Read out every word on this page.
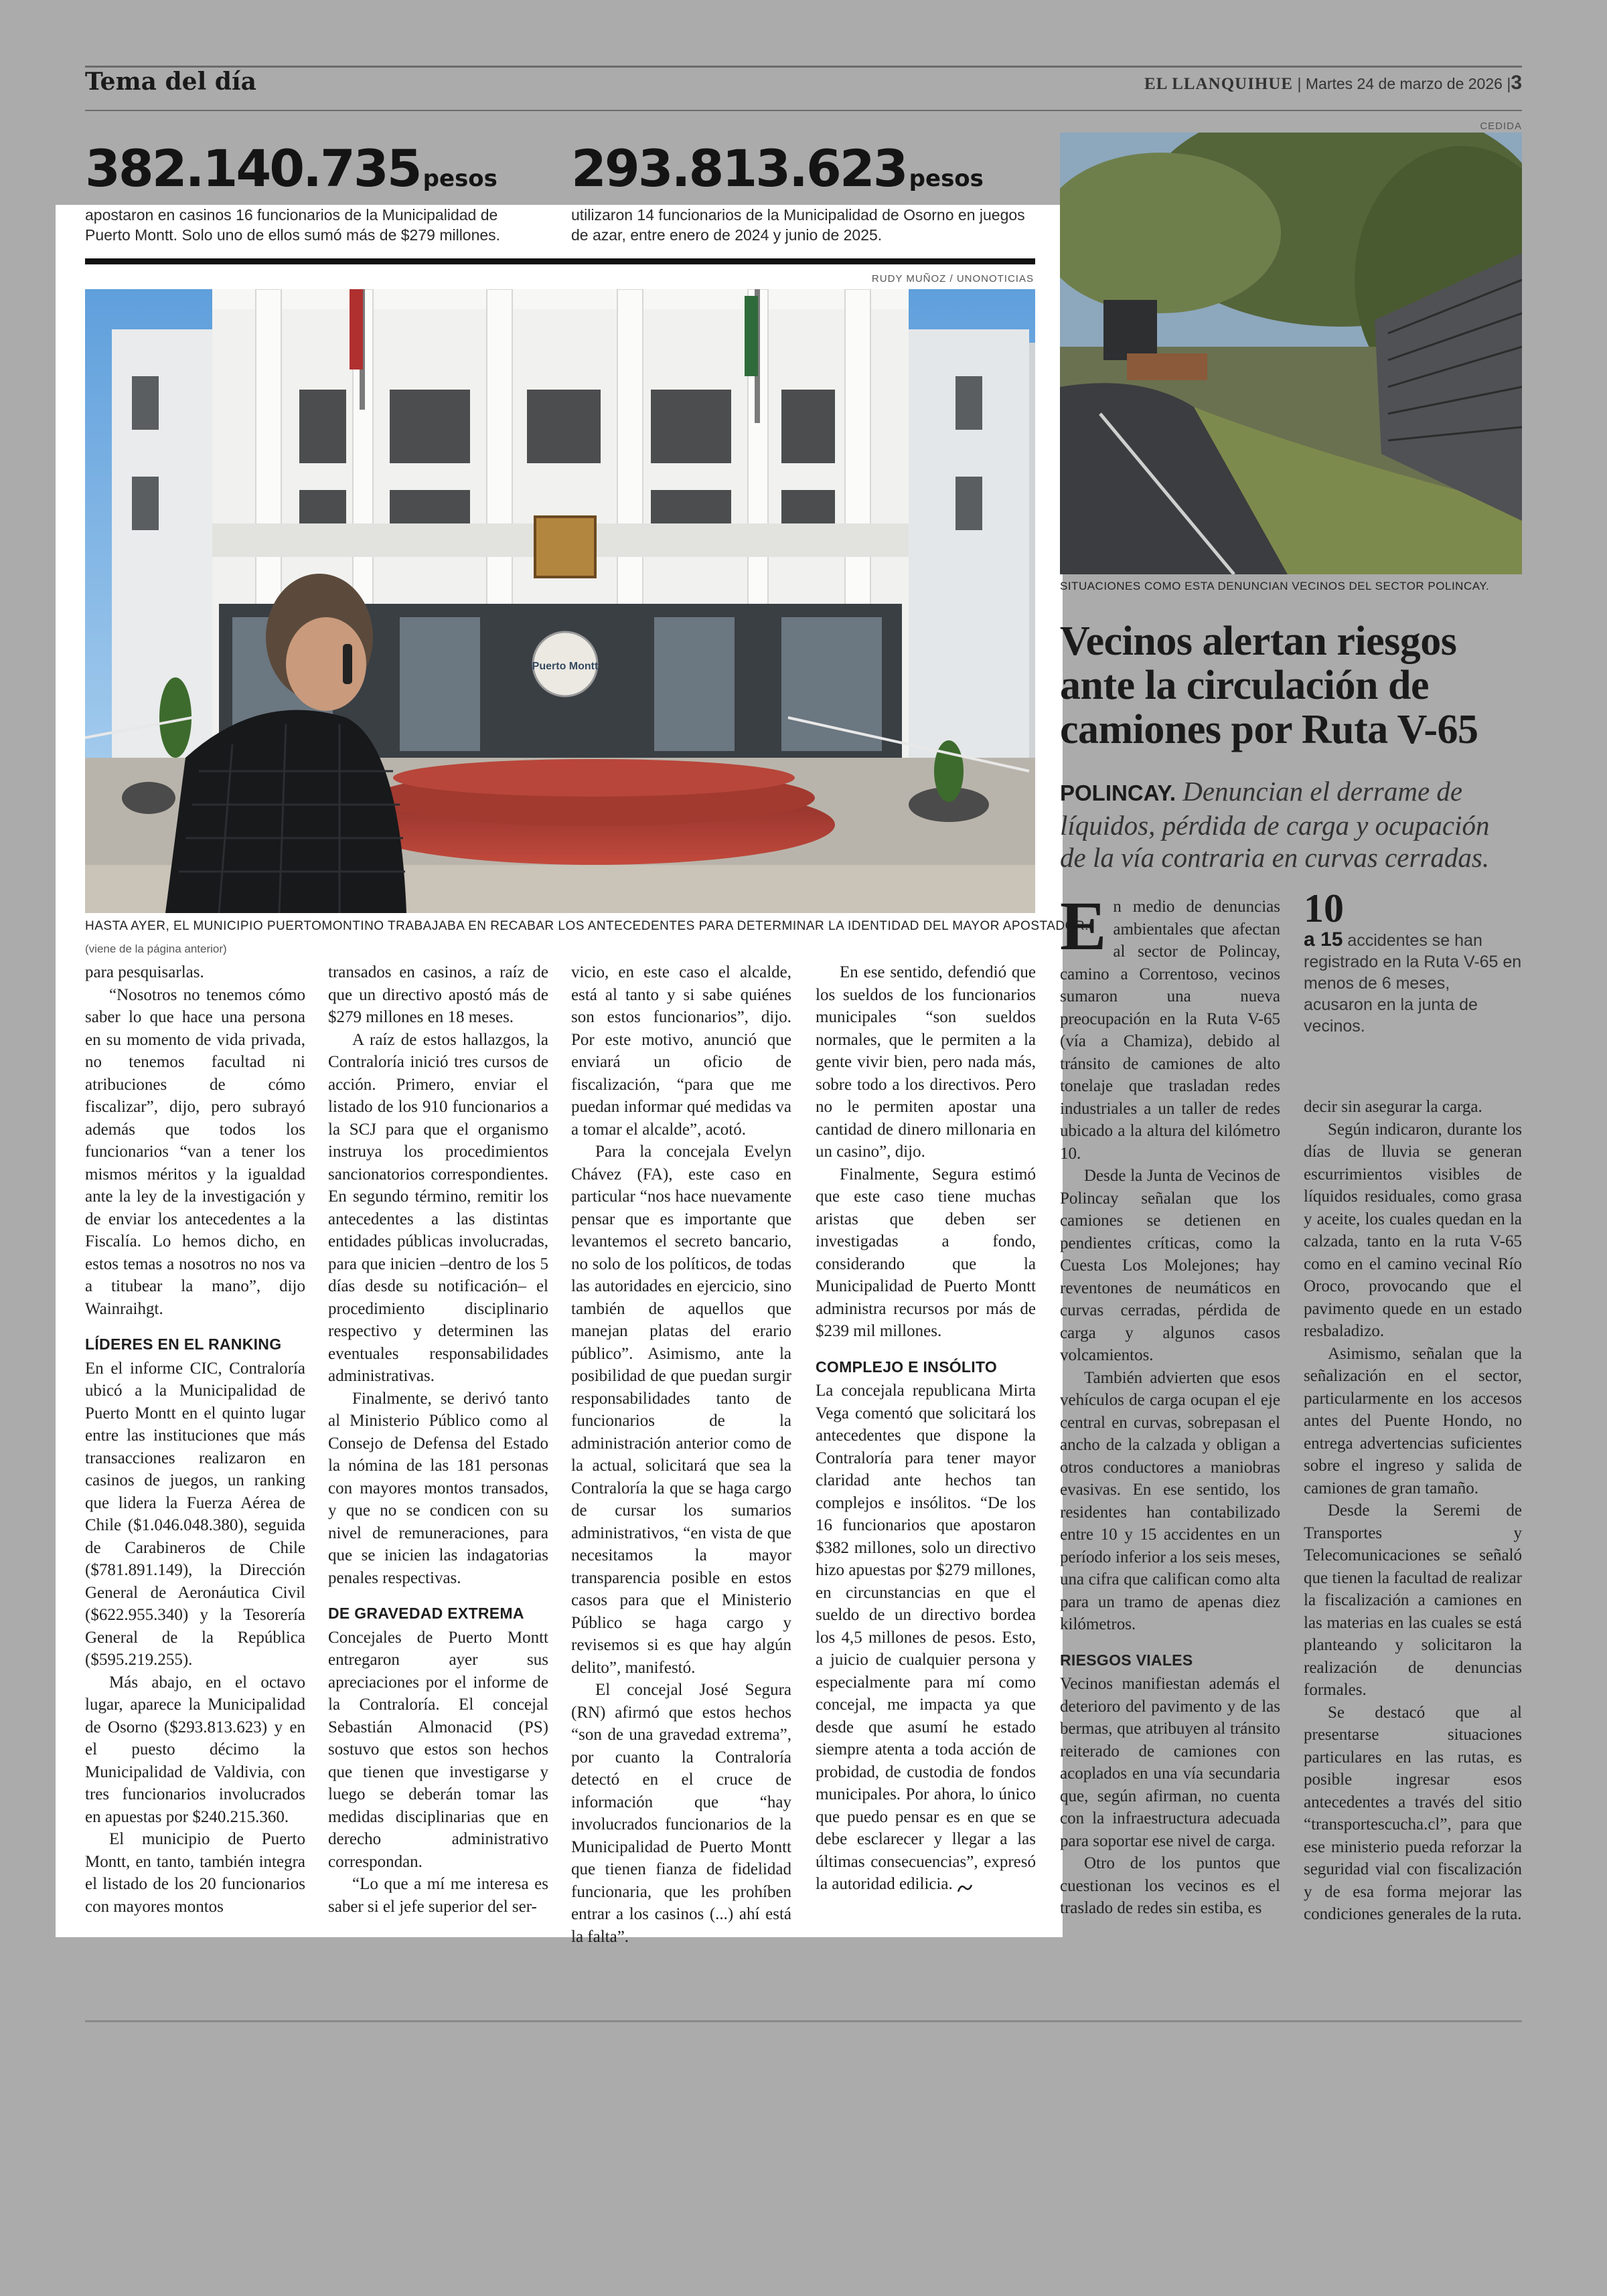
Tema del día	EL LLANQUIHUE | Martes 24 de marzo de 2026 |3
382.140.735 pesos 293.813.623 pesos
apostaron en casinos 16 funcionarios de la Municipalidad de Puerto Montt. Solo uno de ellos sumó más de $279 millones.
utilizaron 14 funcionarios de la Municipalidad de Osorno en juegos de azar, entre enero de 2024 y junio de 2025.
RUDY MUÑOZ / UNONOTICIAS
Puerto Montt
HASTA AYER, EL MUNICIPIO PUERTOMONTINO TRABAJABA EN RECABAR LOS ANTECEDENTES PARA DETERMINAR LA IDENTIDAD DEL MAYOR APOSTADOR.
(viene de la página anterior)

para pesquisarlas.

“Nosotros no tenemos cómo saber lo que hace una persona en su momento de vida privada, no tenemos facultad ni atribuciones de cómo fiscalizar”, dijo, pero subrayó además que todos los funcionarios “van a tener los mismos méritos y la igualdad ante la ley de la investigación y de enviar los antecedentes a la Fiscalía. Lo hemos dicho, en estos temas a nosotros no nos va a titubear la mano”, dijo Wainraihgt.

LÍDERES EN EL RANKING

En el informe CIC, Contraloría ubicó a la Municipalidad de Puerto Montt en el quinto lugar entre las instituciones que más transacciones realizaron en casinos de juegos, un ranking que lidera la Fuerza Aérea de Chile ($1.046.048.380), seguida de Carabineros de Chile ($781.891.149), la Dirección General de Aeronáutica Civil ($622.955.340) y la Tesorería General de la República ($595.219.255).

Más abajo, en el octavo lugar, aparece la Municipalidad de Osorno ($293.813.623) y en el puesto décimo la Municipalidad de Valdivia, con tres funcionarios involucrados en apuestas por $240.215.360.

El municipio de Puerto Montt, en tanto, también integra el listado de los 20 funcionarios con mayores montos

transados en casinos, a raíz de que un directivo apostó más de $279 millones en 18 meses.

A raíz de estos hallazgos, la Contraloría inició tres cursos de acción. Primero, enviar el listado de los 910 funcionarios a la SCJ para que el organismo instruya los procedimientos sancionatorios correspondientes. En segundo término, remitir los antecedentes a las distintas entidades públicas involucradas, para que inicien –dentro de los 5 días desde su notificación– el procedimiento disciplinario respectivo y determinen las eventuales responsabilidades administrativas.

Finalmente, se derivó tanto al Ministerio Público como al Consejo de Defensa del Estado la nómina de las 181 personas con mayores montos transados, y que no se condicen con su nivel de remuneraciones, para que se inicien las indagatorias penales respectivas.

DE GRAVEDAD EXTREMA

Concejales de Puerto Montt entregaron ayer sus apreciaciones por el informe de la Contraloría. El concejal Sebastián Almonacid (PS) sostuvo que estos son hechos que tienen que investigarse y luego se deberán tomar las medidas disciplinarias que en derecho administrativo correspondan.

“Lo que a mí me interesa es saber si el jefe superior del ser-

vicio, en este caso el alcalde, está al tanto y si sabe quiénes son estos funcionarios”, dijo. Por este motivo, anunció que enviará un oficio de fiscalización, “para que me puedan informar qué medidas va a tomar el alcalde”, acotó.

Para la concejala Evelyn Chávez (FA), este caso en particular “nos hace nuevamente pensar que es importante que levantemos el secreto bancario, no solo de los políticos, de todas las autoridades en ejercicio, sino también de aquellos que manejan platas del erario público”. Asimismo, ante la posibilidad de que puedan surgir responsabilidades tanto de funcionarios de la administración anterior como de la actual, solicitará que sea la Contraloría la que se haga cargo de cursar los sumarios administrativos, “en vista de que necesitamos la mayor transparencia posible en estos casos para que el Ministerio Público se haga cargo y revisemos si es que hay algún delito”, manifestó.

El concejal José Segura (RN) afirmó que estos hechos “son de una gravedad extrema”, por cuanto la Contraloría detectó en el cruce de información que “hay involucrados funcionarios de la Municipalidad de Puerto Montt que tienen fianza de fidelidad funcionaria, que les prohíben entrar a los casinos (...) ahí está la falta”.

En ese sentido, defendió que los sueldos de los funcionarios municipales “son sueldos normales, que le permiten a la gente vivir bien, pero nada más, sobre todo a los directivos. Pero no le permiten apostar una cantidad de dinero millonaria en un casino”, dijo.

Finalmente, Segura estimó que este caso tiene muchas aristas que deben ser investigadas a fondo, considerando que la Municipalidad de Puerto Montt administra recursos por más de $239 mil millones.

COMPLEJO E INSÓLITO

La concejala republicana Mirta Vega comentó que solicitará los antecedentes que dispone la Contraloría para tener mayor claridad ante hechos tan complejos e insólitos. “De los 16 funcionarios que apostaron $382 millones, solo un directivo hizo apuestas por $279 millones, en circunstancias en que el sueldo de un directivo bordea los 4,5 millones de pesos. Esto, a juicio de cualquier persona y especialmente para mí como concejal, me impacta ya que desde que asumí he estado siempre atenta a toda acción de probidad, de custodia de fondos municipales. Por ahora, lo único que puedo pensar es en que se debe esclarecer y llegar a las últimas consecuencias”, expresó la autoridad edilicia.

CEDIDA
SITUACIONES COMO ESTA DENUNCIAN VECINOS DEL SECTOR POLINCAY.
Vecinos alertan riesgos ante la circulación de camiones por Ruta V-65
POLINCAY. Denuncian el derrame de líquidos, pérdida de carga y ocupación de la vía contraria en curvas cerradas.
10
a 15 accidentes se han registrado en la Ruta V-65 en menos de 6 meses, acusaron en la junta de vecinos.

En medio de denuncias ambientales que afectan al sector de Polincay, camino a Correntoso, vecinos sumaron una nueva preocupación en la Ruta V-65 (vía a Chamiza), debido al tránsito de camiones de alto tonelaje que trasladan redes industriales a un taller de redes ubicado a la altura del kilómetro 10.

Desde la Junta de Vecinos de Polincay señalan que los camiones se detienen en pendientes críticas, como la Cuesta Los Molejones; hay reventones de neumáticos en curvas cerradas, pérdida de carga y algunos casos volcamientos.

También advierten que esos vehículos de carga ocupan el eje central en curvas, sobrepasan el ancho de la calzada y obligan a otros conductores a maniobras evasivas. En ese sentido, los residentes han contabilizado entre 10 y 15 accidentes en un período inferior a los seis meses, una cifra que califican como alta para un tramo de apenas diez kilómetros.

RIESGOS VIALES

Vecinos manifiestan además el deterioro del pavimento y de las bermas, que atribuyen al tránsito reiterado de camiones con acoplados en una vía secundaria que, según afirman, no cuenta con la infraestructura adecuada para soportar ese nivel de carga.

Otro de los puntos que cuestionan los vecinos es el traslado de redes sin estiba, es

decir sin asegurar la carga.

Según indicaron, durante los días de lluvia se generan escurrimientos visibles de líquidos residuales, como grasa y aceite, los cuales quedan en la calzada, tanto en la ruta V-65 como en el camino vecinal Río Oroco, provocando que el pavimento quede en un estado resbaladizo.

Asimismo, señalan que la señalización en el sector, particularmente en los accesos antes del Puente Hondo, no entrega advertencias suficientes sobre el ingreso y salida de camiones de gran tamaño.

Desde la Seremi de Transportes y Telecomunicaciones se señaló que tienen la facultad de realizar la fiscalización a camiones en las materias en las cuales se está planteando y solicitaron la realización de denuncias formales.

Se destacó que al presentarse situaciones particulares en las rutas, es posible ingresar esos antecedentes a través del sitio “transportescucha.cl”, para que ese ministerio pueda reforzar la seguridad vial con fiscalización y de esa forma mejorar las condiciones generales de la ruta.
